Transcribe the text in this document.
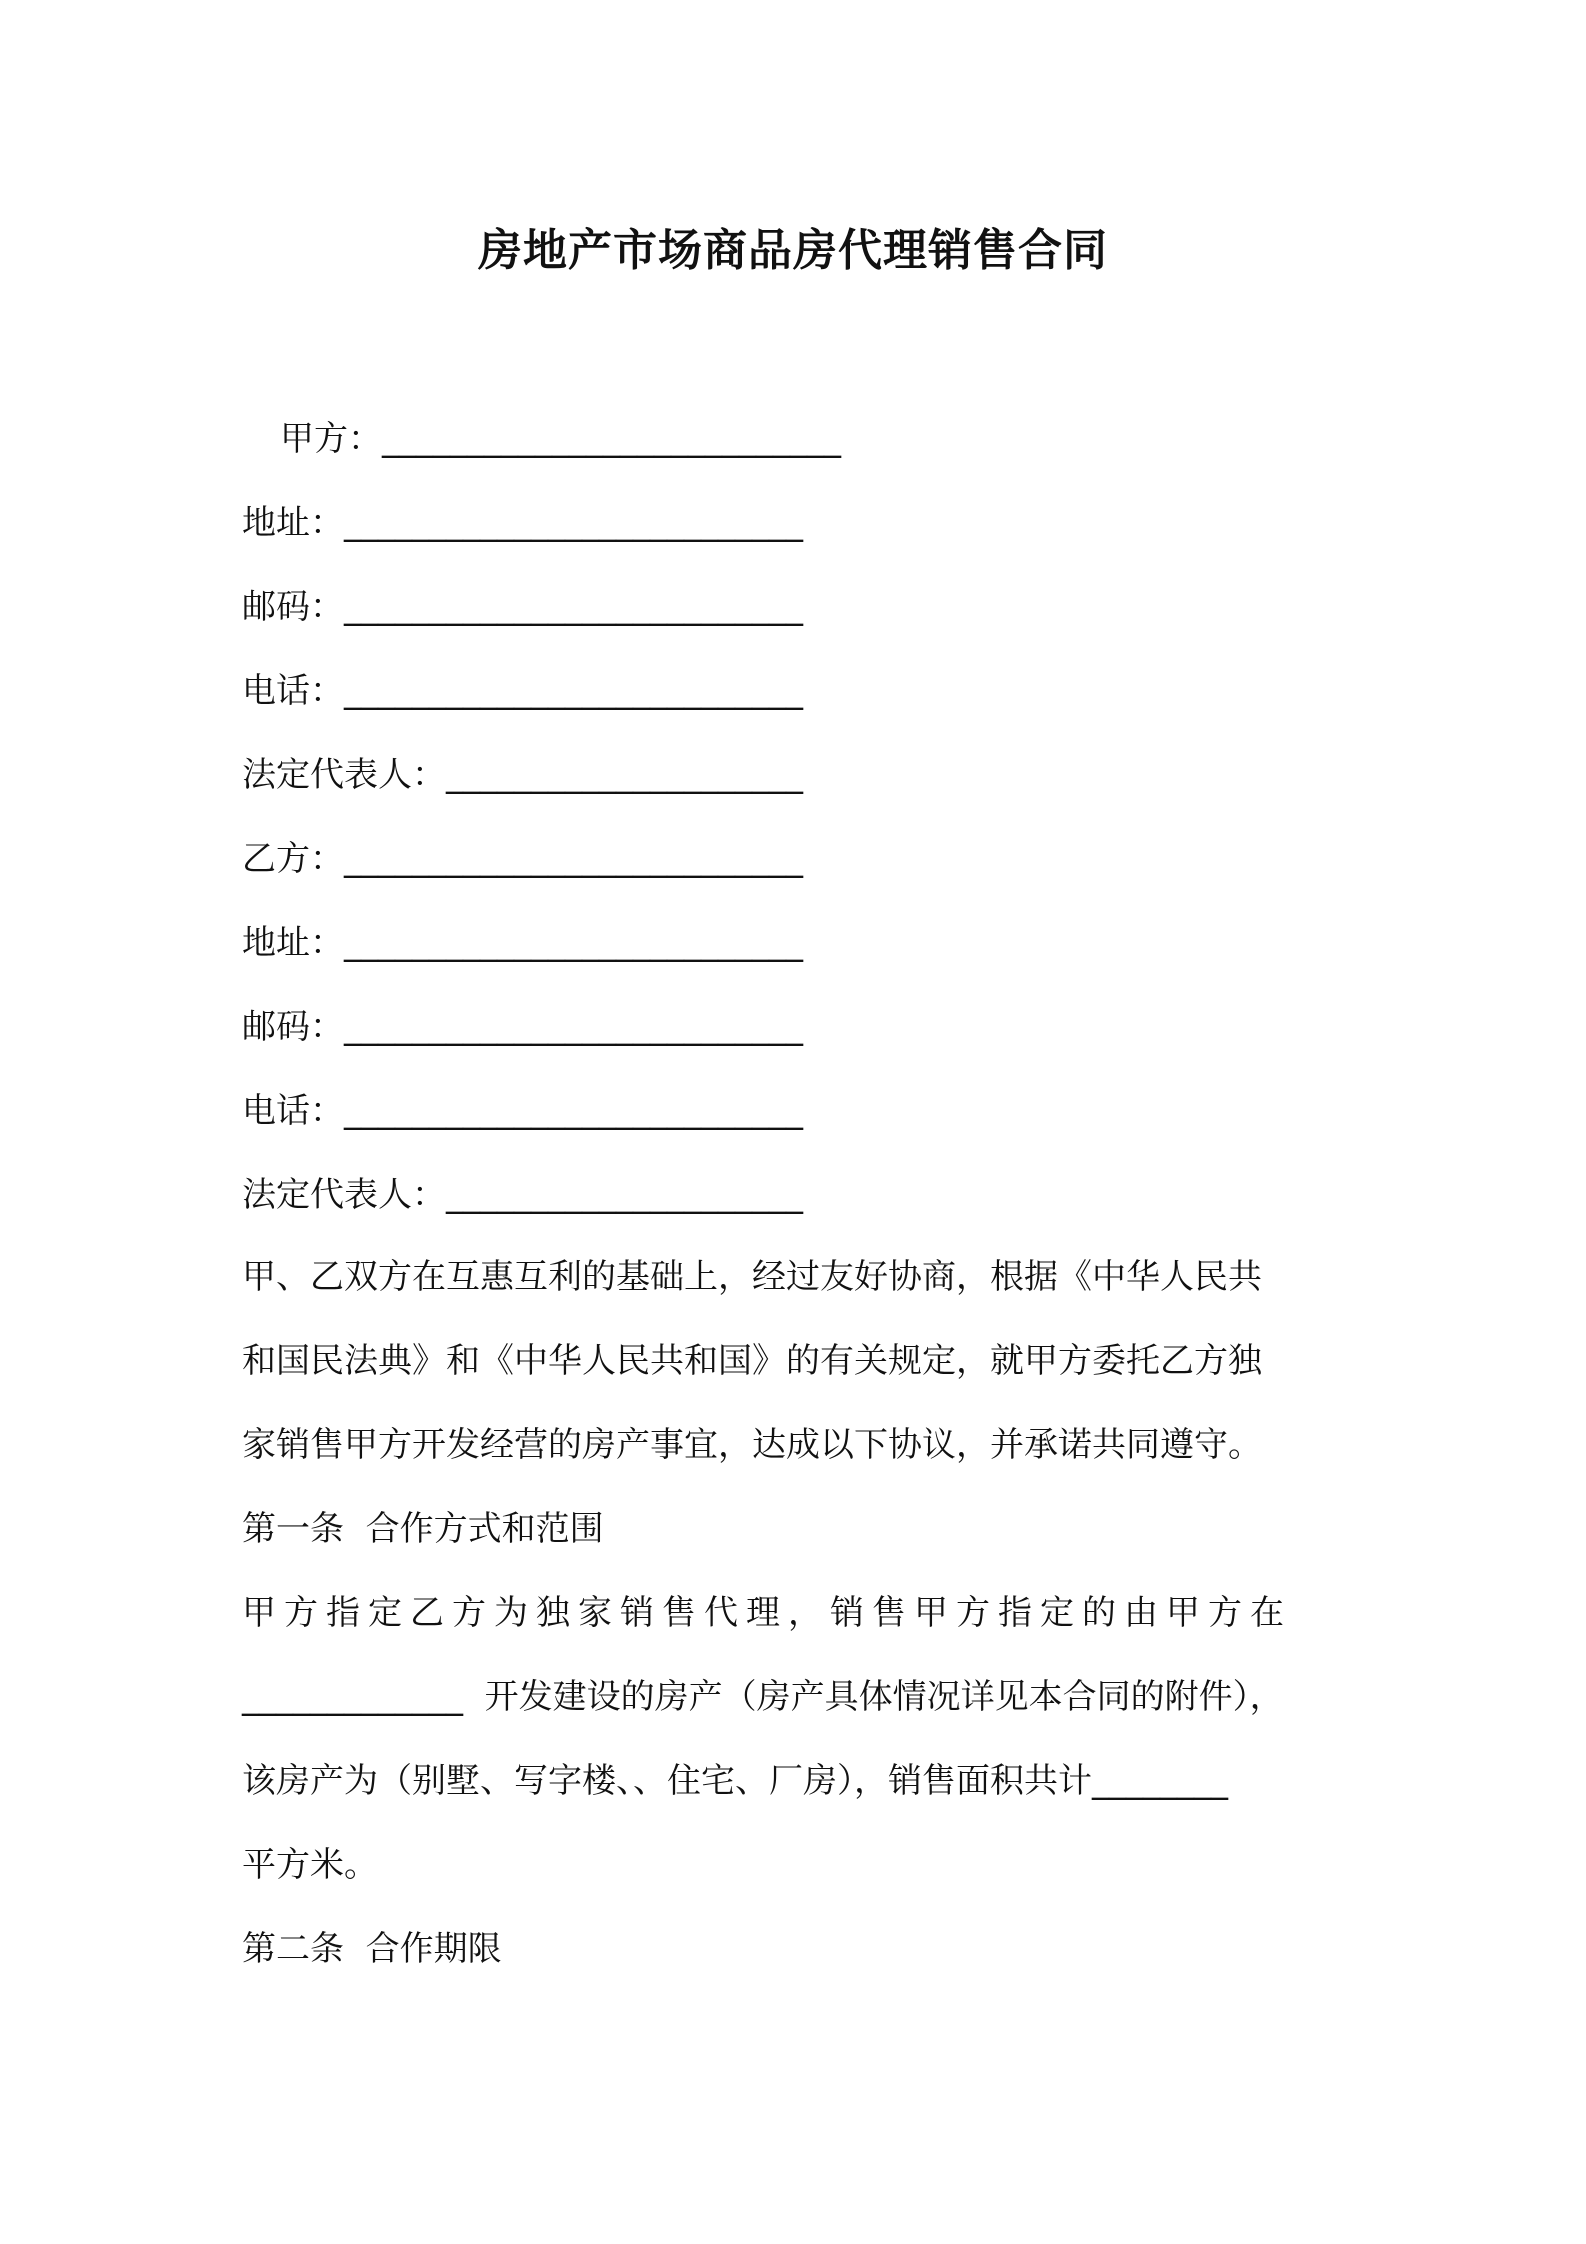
房地产市场商品房代理销售合同
甲方：___________________________
地址：___________________________
邮码：___________________________
电话：___________________________
法定代表人：_____________________
乙方：___________________________
地址：___________________________
邮码：___________________________
电话：___________________________
法定代表人：_____________________
甲、乙双方在互惠互利的基础上，经过友好协商，根据《中华人民共
和国民法典》和《中华人民共和国》的有关规定，就甲方委托乙方独
家销售甲方开发经营的房产事宜，达成以下协议，并承诺共同遵守。
第一条  合作方式和范围
甲方指定乙方为独家销售代理，销售甲方指定的由甲方在
_____________  开发建设的房产（房产具体情况详见本合同的附件），
该房产为（别墅、写字楼、、住宅、厂房），销售面积共计________
平方米。
第二条  合作期限
